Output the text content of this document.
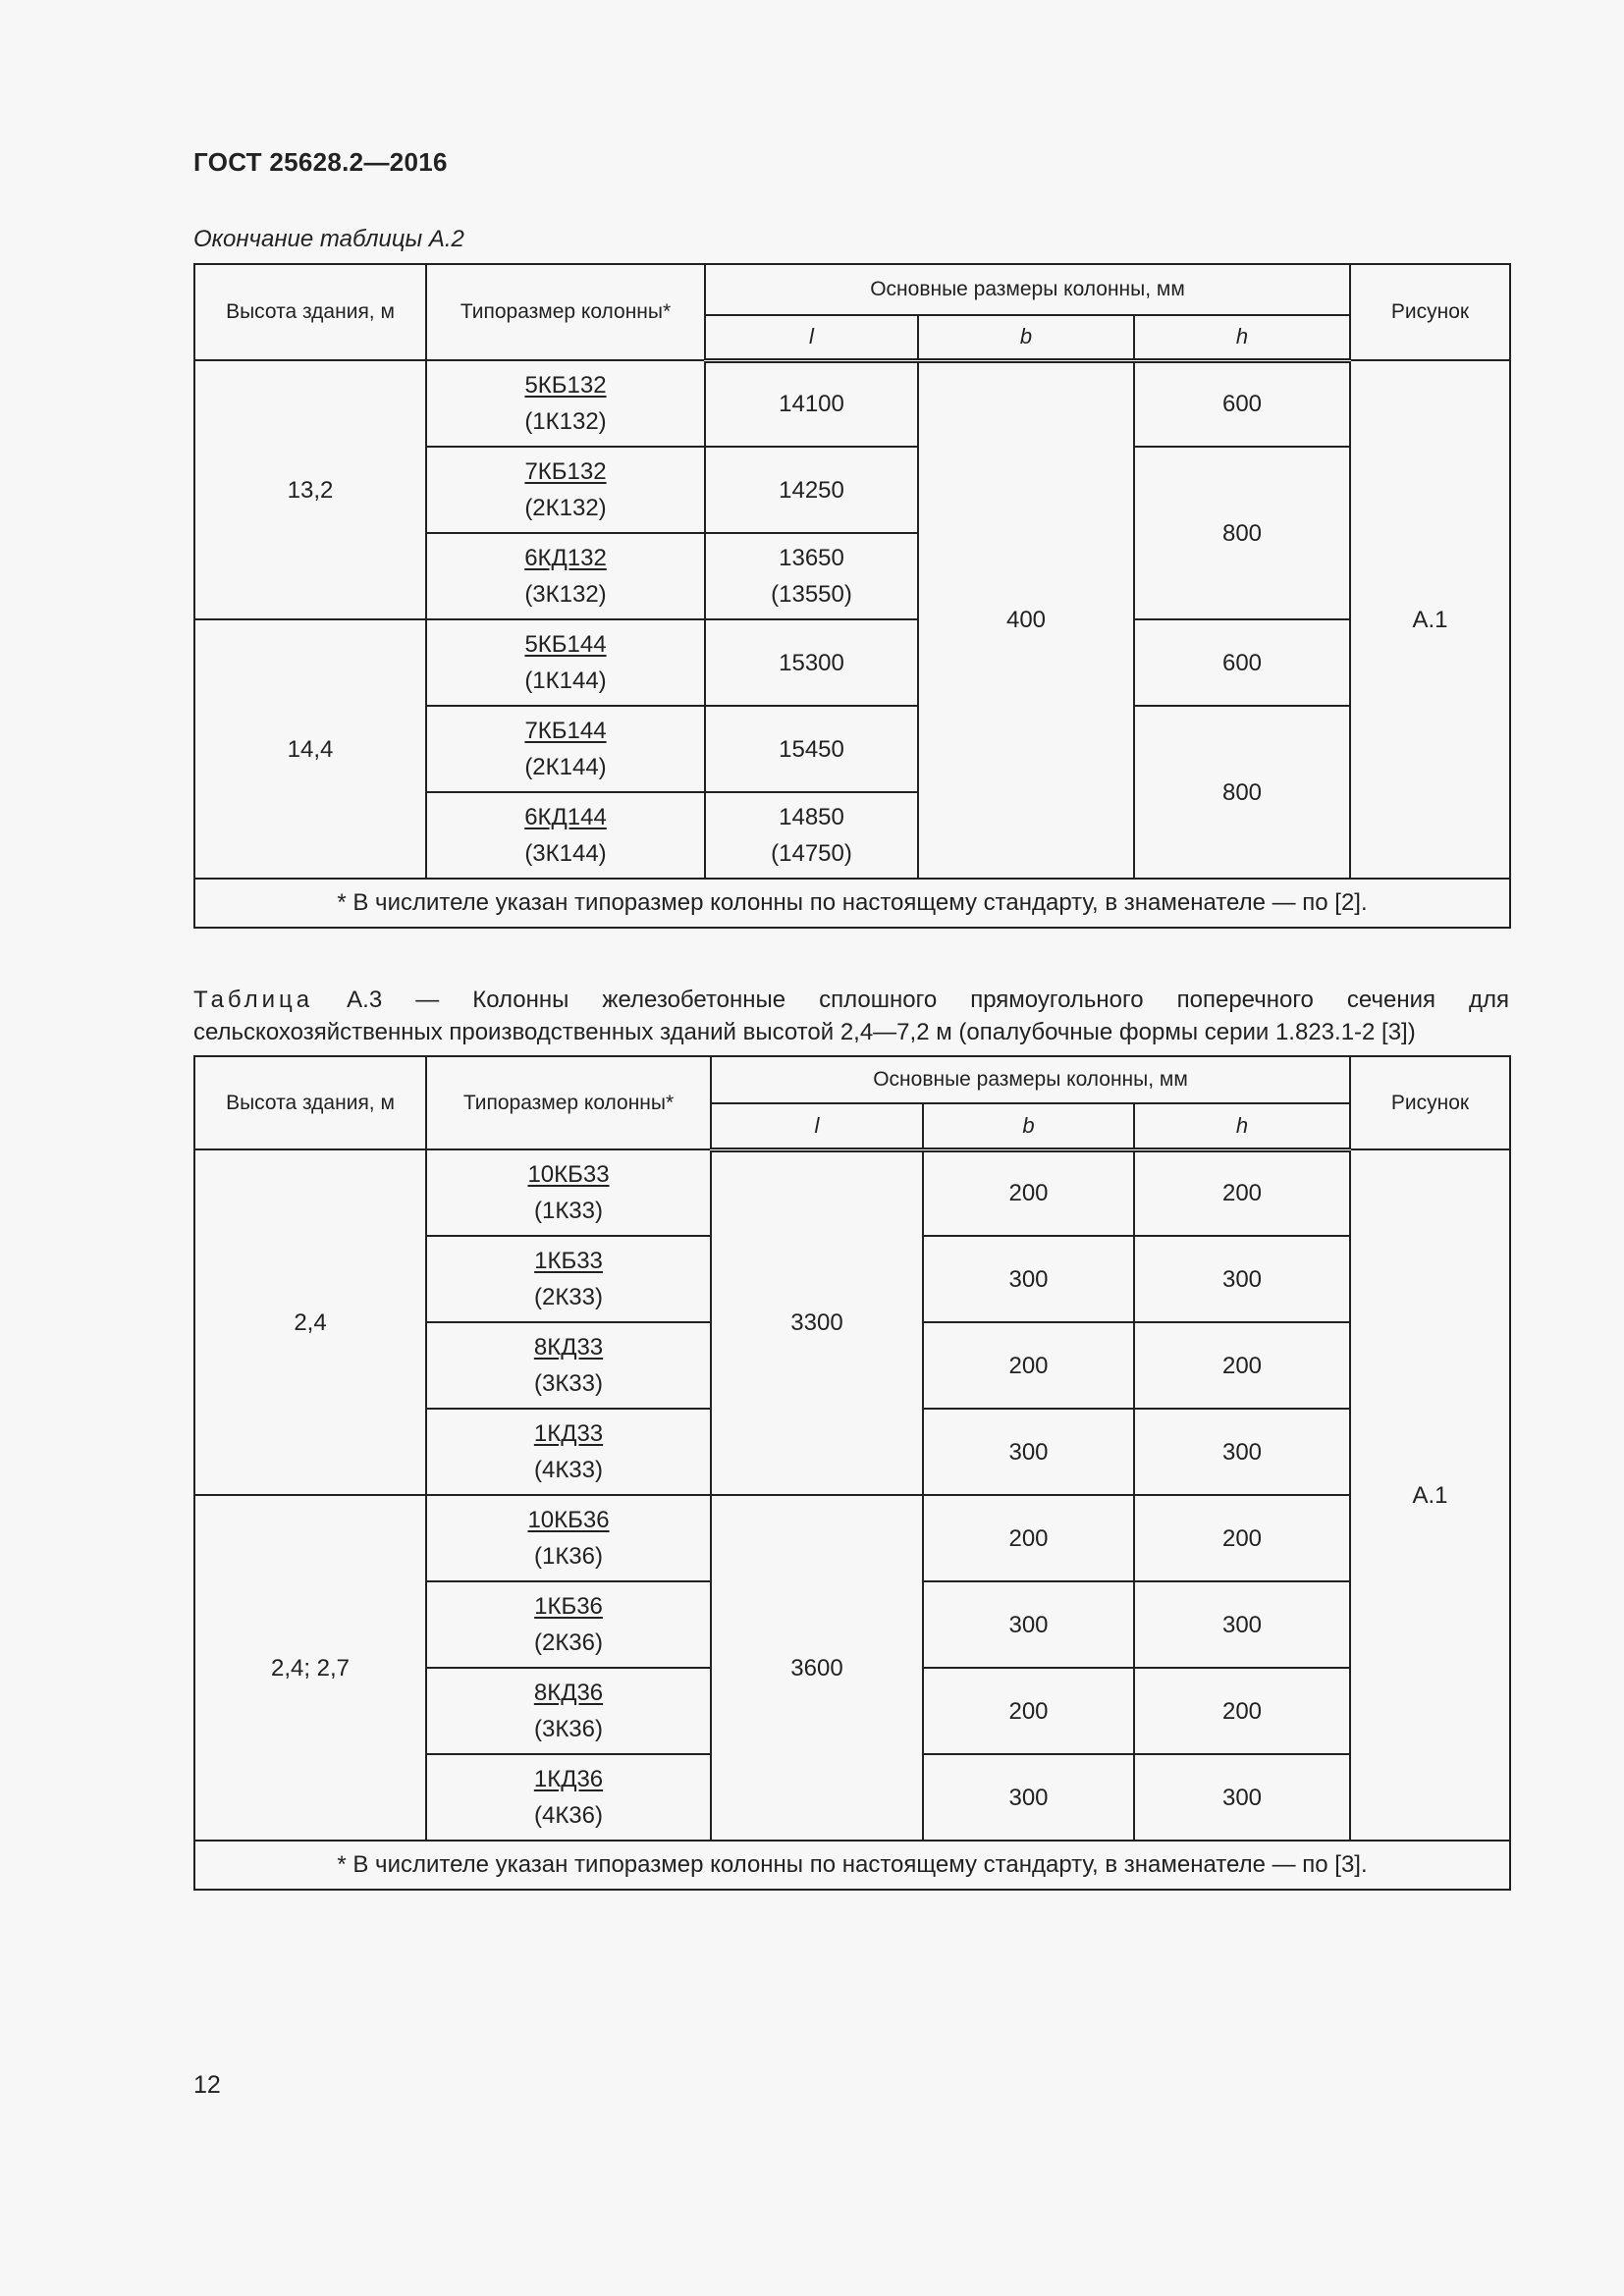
ГОСТ 25628.2—2016
Окончание таблицы А.2
Высота здания, м	Типоразмер колонны*	Основные размеры колонны, мм			Рисунок
		l	b	h	
13,2	5КБ132
(1К132)	14100	400	600	А.1

	7КБ132
(2К132)	14250		800	

	6КД132
(3К132)	13650
(13550)			

14,4	5КБ144
(1К144)	15300		600	

	7КБ144
(2К144)	15450		800	

	6КД144
(3К144)	14850
(14750)			

* В числителе указан типоразмер колонны по настоящему стандарту, в знаменателе — по [2].					
Таблица А.3 — Колонны железобетонные сплошного прямоугольного поперечного сечения для сельскохозяйственных производственных зданий высотой 2,4—7,2 м (опалубочные формы серии 1.823.1-2 [3])
Высота здания, м	Типоразмер колонны*	Основные размеры колонны, мм			Рисунок
		l	b	h	
2,4	10КБ33
(1К33)	3300	200	200	А.1

	1КБ33
(2К33)		300	300	

	8КД33
(3К33)		200	200	

	1КД33
(4К33)		300	300	
2,4; 2,7	10КБ36
(1К36)	3600	200	200	

	1КБ36
(2К36)		300	300	

	8КД36
(3К36)		200	200	

	1КД36
(4К36)		300	300	
* В числителе указан типоразмер колонны по настоящему стандарту, в знаменателе — по [3].					
12
